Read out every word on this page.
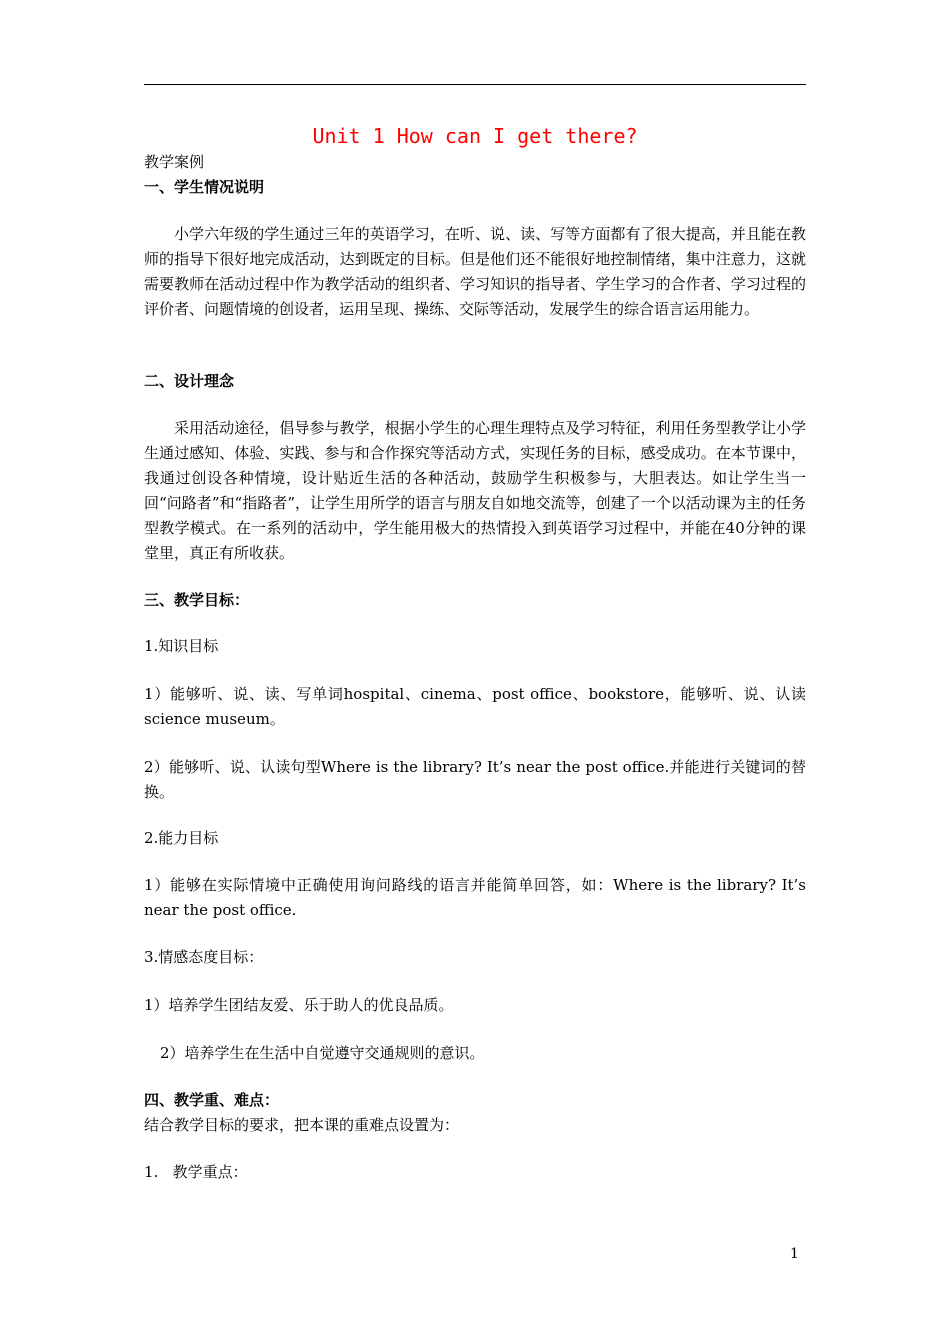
Unit 1 How can I get there?
教学案例
一、学生情况说明
小学六年级的学生通过三年的英语学习，在听、说、读、写等方面都有了很大提高，并且能在教师的指导下很好地完成活动，达到既定的目标。但是他们还不能很好地控制情绪，集中注意力，这就需要教师在活动过程中作为教学活动的组织者、学习知识的指导者、学生学习的合作者、学习过程的评价者、问题情境的创设者，运用呈现、操练、交际等活动，发展学生的综合语言运用能力。
二、设计理念
采用活动途径，倡导参与教学，根据小学生的心理生理特点及学习特征，利用任务型教学让小学生通过感知、体验、实践、参与和合作探究等活动方式，实现任务的目标，感受成功。在本节课中，我通过创设各种情境，设计贴近生活的各种活动，鼓励学生积极参与，大胆表达。如让学生当一回“问路者”和“指路者”，让学生用所学的语言与朋友自如地交流等，创建了一个以活动课为主的任务型教学模式。在一系列的活动中，学生能用极大的热情投入到英语学习过程中，并能在40分钟的课堂里，真正有所收获。
三、教学目标：
1.知识目标
1）能够听、说、读、写单词hospital、cinema、post office、bookstore，能够听、说、认读science museum。
2）能够听、说、认读句型Where is the library? It’s near the post office.并能进行关键词的替换。
2.能力目标
1）能够在实际情境中正确使用询问路线的语言并能简单回答，如：Where is the library? It’s near the post office.
3.情感态度目标：
1）培养学生团结友爱、乐于助人的优良品质。
2）培养学生在生活中自觉遵守交通规则的意识。
四、教学重、难点：
结合教学目标的要求，把本课的重难点设置为：
1.   教学重点：
1
